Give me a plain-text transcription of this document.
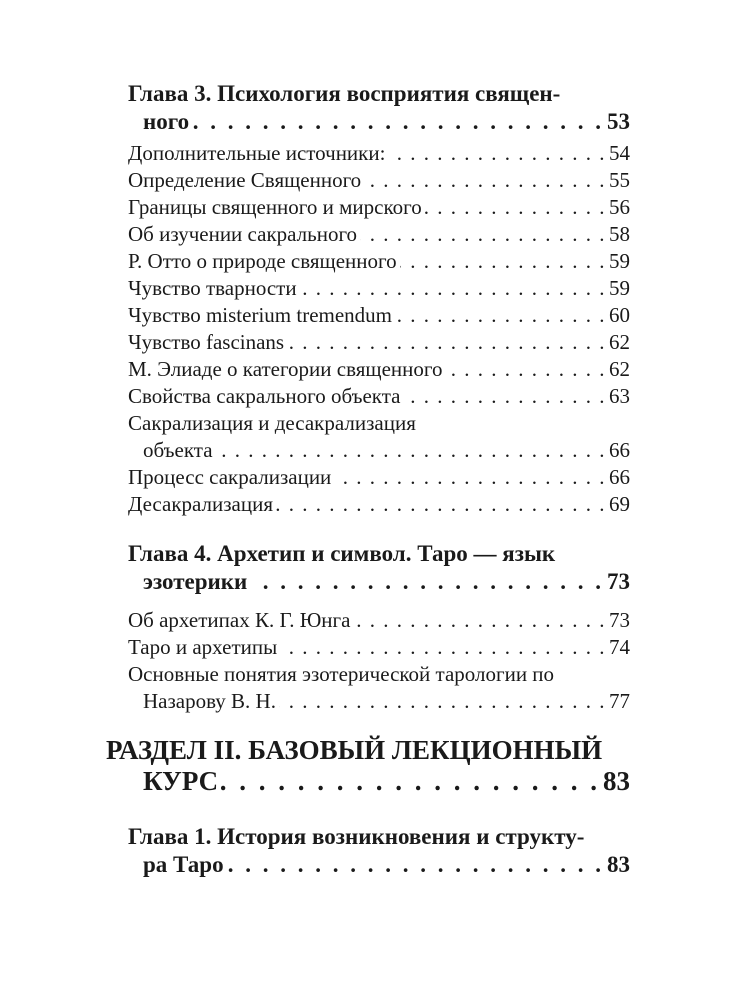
Глава 3. Психология восприятия священ-
ного . . .	53
Дополнительные источники: . . .	54
Определение Священного . . .	55
Границы священного и мирского . . .	56
Об изучении сакрального . . .	58
Р. Отто о природе священного . . .	59
Чувство тварности . . .	59
Чувство misterium tremendum . . .	60
Чувство fascinans . . .	62
М. Элиаде о категории священного . . .	62
Свойства сакрального объекта . . .	63
Сакрализация и десакрализация
объекта . . .	66
Процесс сакрализации . . .	66
Десакрализация . . .	69
Глава 4. Архетип и символ. Таро — язык
эзотерики . . .	73
Об архетипах К. Г. Юнга . . .	73
Таро и архетипы . . .	74
Основные понятия эзотерической тарологии по
Назарову В. Н. . . .	77
РАЗДЕЛ II. БАЗОВЫЙ ЛЕКЦИОННЫЙ
КУРС . . .	83
Глава 1. История возникновения и структу-
ра Таро . . .	83
